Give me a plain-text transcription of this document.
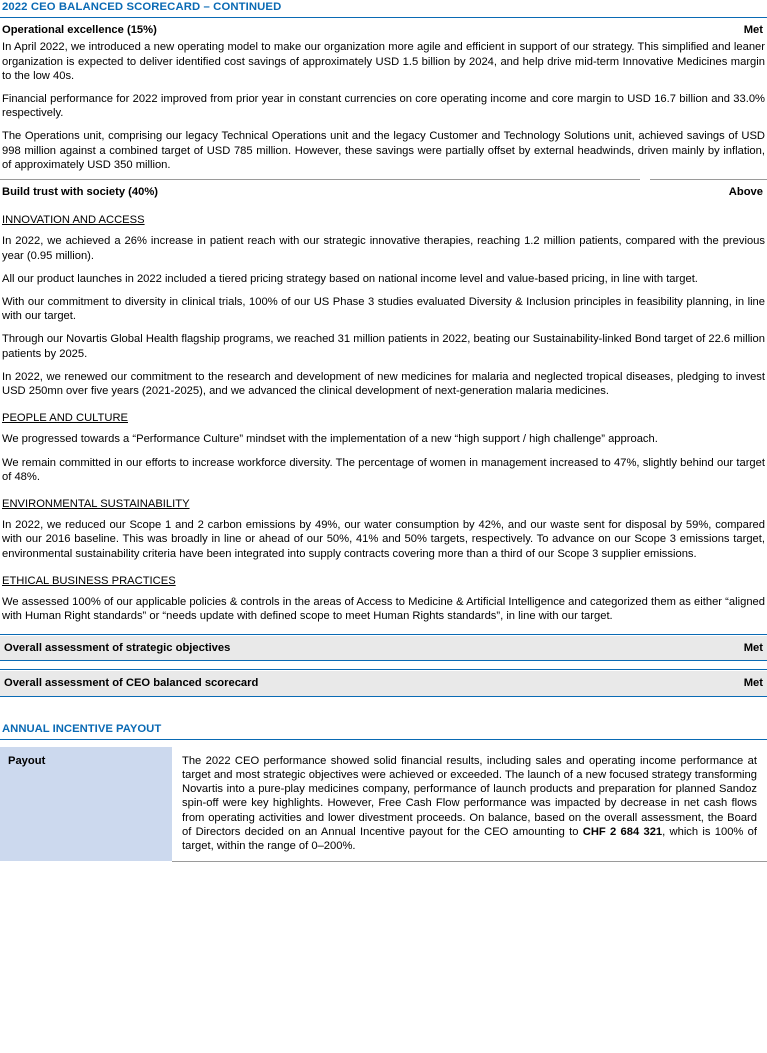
2022 CEO BALANCED SCORECARD – CONTINUED
Operational excellence (15%)	Met

In April 2022, we introduced a new operating model to make our organization more agile and efficient in support of our strategy. This simplified and leaner organization is expected to deliver identified cost savings of approximately USD 1.5 billion by 2024, and help drive mid-term Innovative Medicines margin to the low 40s.

Financial performance for 2022 improved from prior year in constant currencies on core operating income and core margin to USD 16.7 billion and 33.0% respectively.

The Operations unit, comprising our legacy Technical Operations unit and the legacy Customer and Technology Solutions unit, achieved savings of USD 998 million against a combined target of USD 785 million. However, these savings were partially offset by external headwinds, driven mainly by inflation, of approximately USD 350 million.

Build trust with society (40%)	Above
INNOVATION AND ACCESS

In 2022, we achieved a 26% increase in patient reach with our strategic innovative therapies, reaching 1.2 million patients, compared with the previous year (0.95 million).

All our product launches in 2022 included a tiered pricing strategy based on national income level and value-based pricing, in line with target.

With our commitment to diversity in clinical trials, 100% of our US Phase 3 studies evaluated Diversity & Inclusion principles in feasibility planning, in line with our target.

Through our Novartis Global Health flagship programs, we reached 31 million patients in 2022, beating our Sustainability-linked Bond target of 22.6 million patients by 2025.

In 2022, we renewed our commitment to the research and development of new medicines for malaria and neglected tropical diseases, pledging to invest USD 250mn over five years (2021-2025), and we advanced the clinical development of next-generation malaria medicines.

PEOPLE AND CULTURE

We progressed towards a “Performance Culture” mindset with the implementation of a new “high support / high challenge” approach.

We remain committed in our efforts to increase workforce diversity. The percentage of women in management increased to 47%, slightly behind our target of 48%.

ENVIRONMENTAL SUSTAINABILITY

In 2022, we reduced our Scope 1 and 2 carbon emissions by 49%, our water consumption by 42%, and our waste sent for disposal by 59%, compared with our 2016 baseline. This was broadly in line or ahead of our 50%, 41% and 50% targets, respectively. To advance on our Scope 3 emissions target, environmental sustainability criteria have been integrated into supply contracts covering more than a third of our Scope 3 supplier emissions.

ETHICAL BUSINESS PRACTICES

We assessed 100% of our applicable policies & controls in the areas of Access to Medicine & Artificial Intelligence and categorized them as either “aligned with Human Right standards” or “needs update with defined scope to meet Human Rights standards”, in line with our target.

Overall assessment of strategic objectives	Met
Overall assessment of CEO balanced scorecard	Met
ANNUAL INCENTIVE PAYOUT
Payout	The 2022 CEO performance showed solid financial results, including sales and operating income performance at target and most strategic objectives were achieved or exceeded. The launch of a new focused strategy transforming Novartis into a pure-play medicines company, performance of launch products and preparation for planned Sandoz spin-off were key highlights. However, Free Cash Flow performance was impacted by decrease in net cash flows from operating activities and lower divestment proceeds. On balance, based on the overall assessment, the Board of Directors decided on an Annual Incentive payout for the CEO amounting to CHF 2 684 321, which is 100% of target, within the range of 0–200%.
